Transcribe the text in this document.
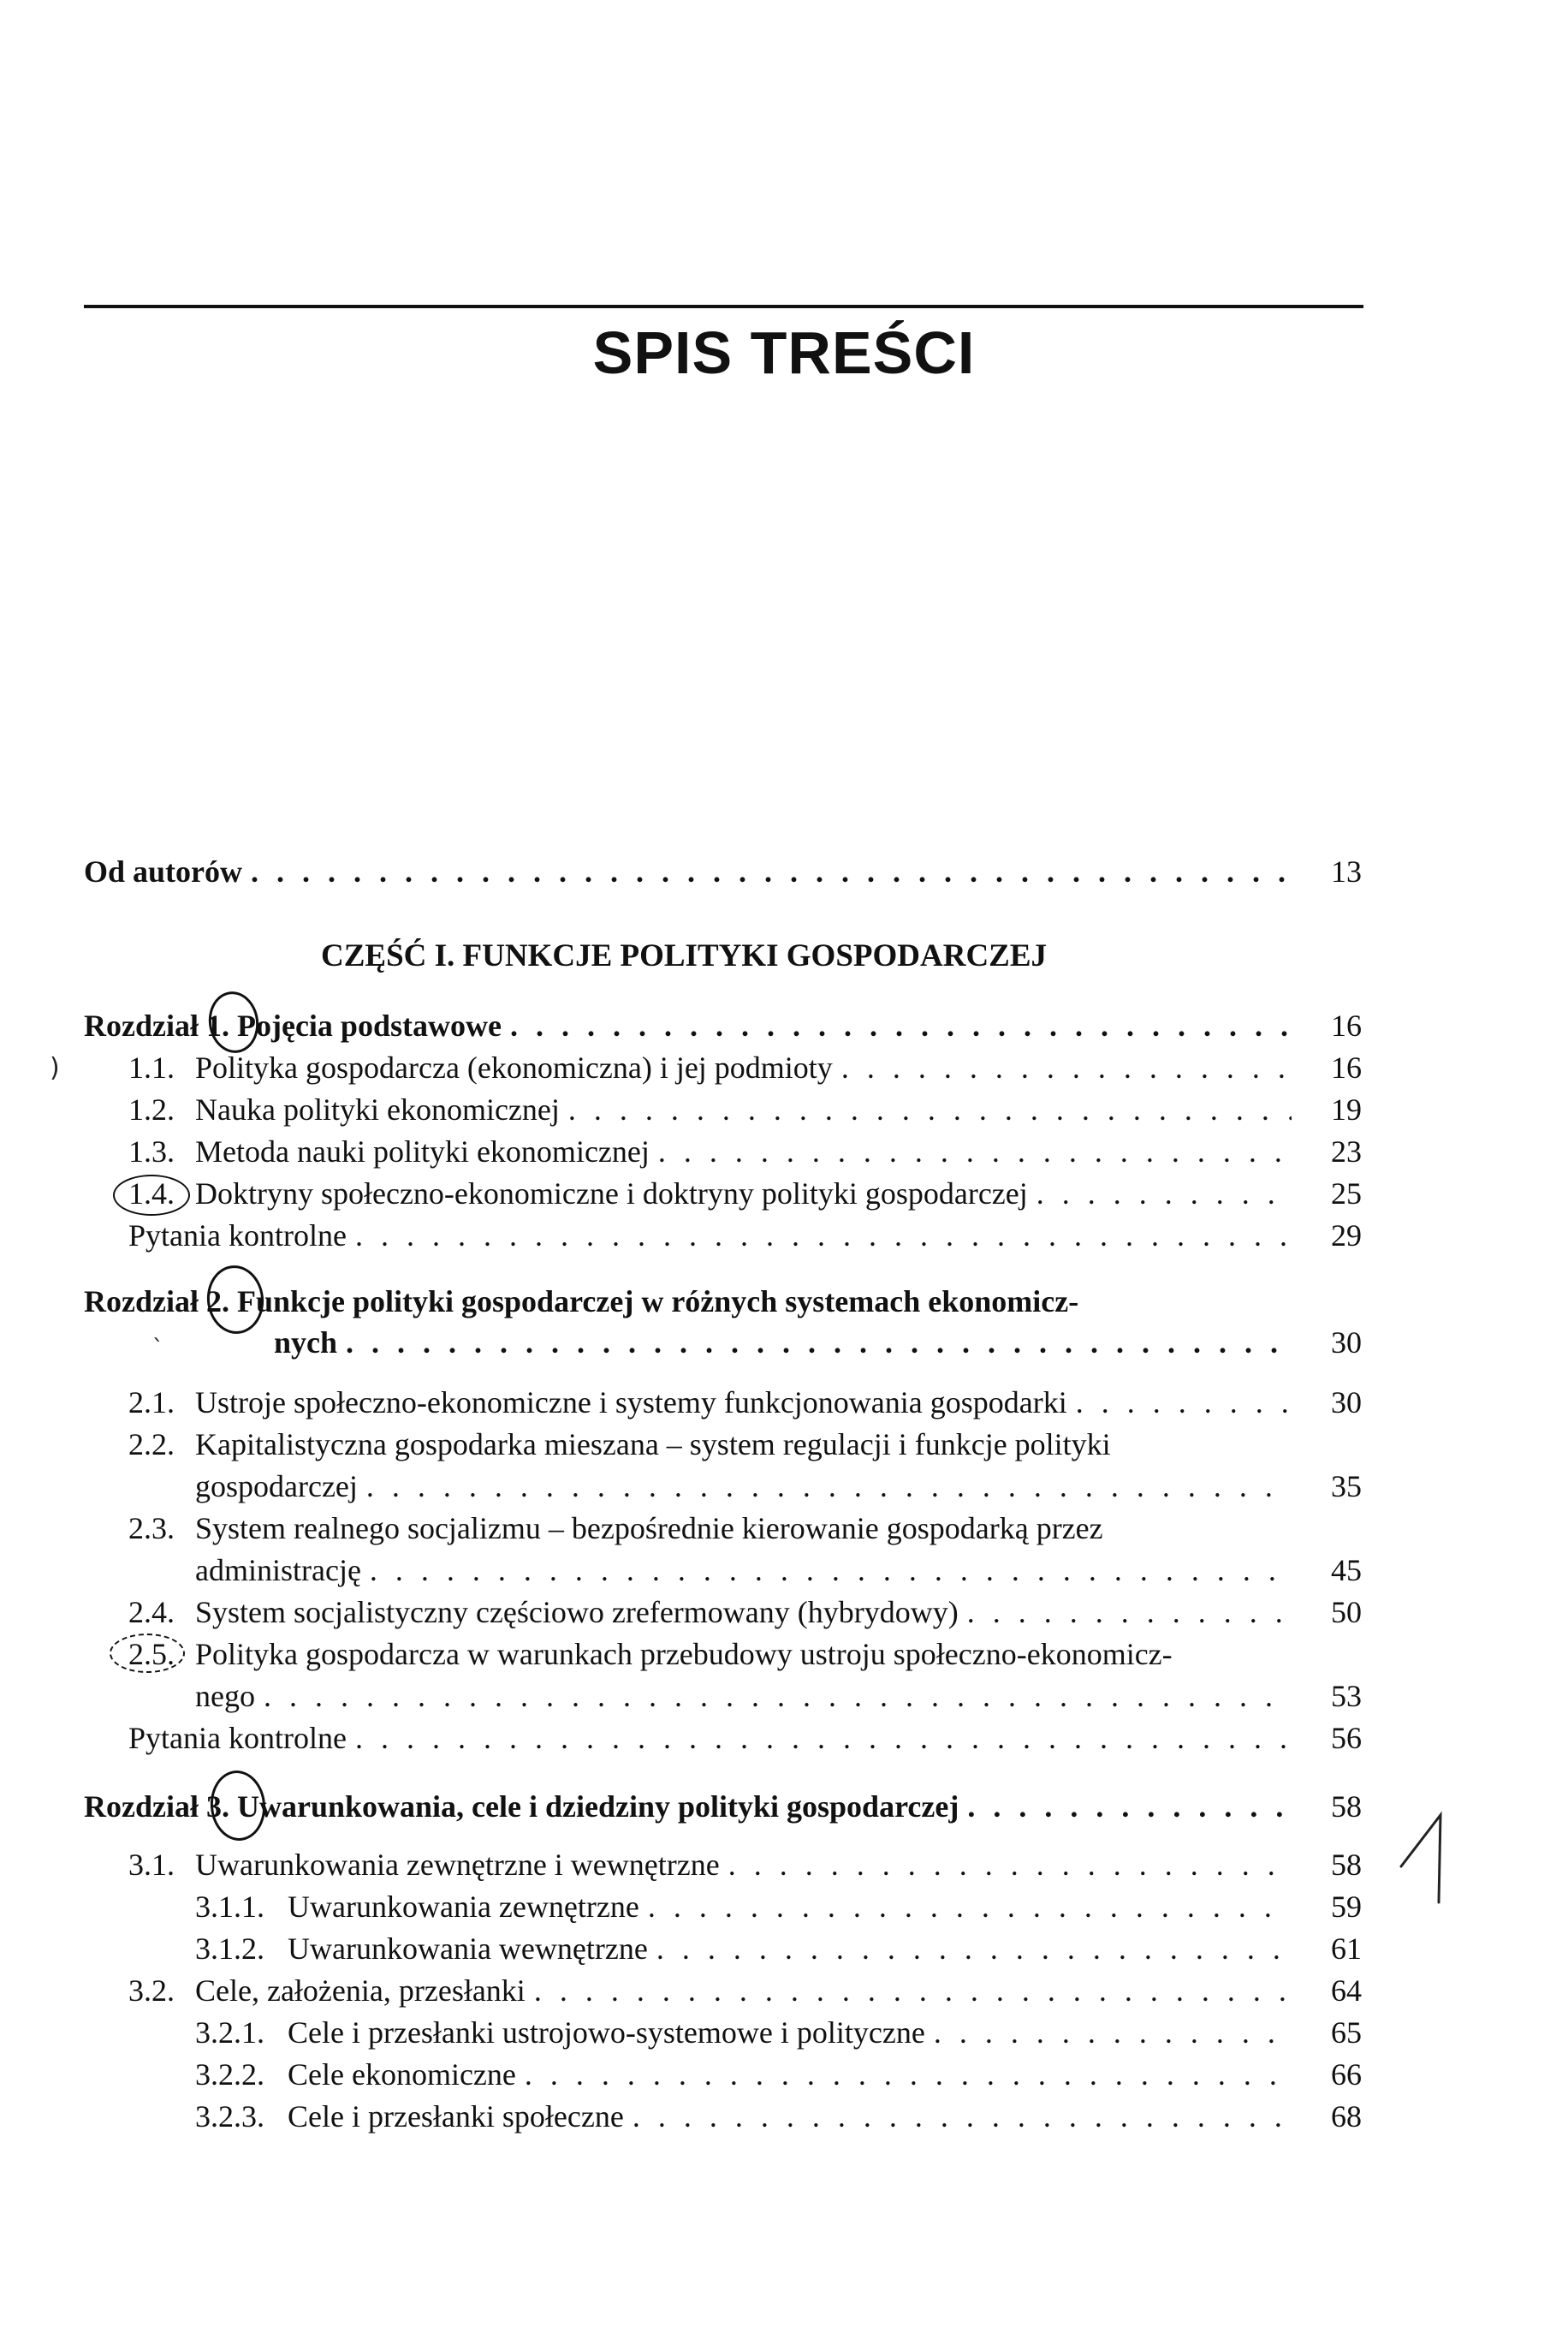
SPIS TREŚCI
Od autorów . . .	13
CZĘŚĆ I. FUNKCJE POLITYKI GOSPODARCZEJ
Rozdział 1. Pojęcia podstawowe . . .	16
1.1. Polityka gospodarcza (ekonomiczna) i jej podmioty . . .	16
1.2. Nauka polityki ekonomicznej . . .	19
1.3. Metoda nauki polityki ekonomicznej . . .	23
1.4. Doktryny społeczno-ekonomiczne i doktryny polityki gospodarczej . . .	25
Pytania kontrolne . . .	29
Rozdział 2. Funkcje polityki gospodarczej w różnych systemach ekonomicz-
nych . . .	30
2.1. Ustroje społeczno-ekonomiczne i systemy funkcjonowania gospodarki . . .	30
2.2. Kapitalistyczna gospodarka mieszana – system regulacji i funkcje polityki
gospodarczej . . .	35
2.3. System realnego socjalizmu – bezpośrednie kierowanie gospodarką przez
administrację . . .	45
2.4. System socjalistyczny częściowo zrefermowany (hybrydowy) . . .	50
2.5. Polityka gospodarcza w warunkach przebudowy ustroju społeczno-ekonomicz-
nego . . .	53
Pytania kontrolne . . .	56
Rozdział 3. Uwarunkowania, cele i dziedziny polityki gospodarczej . . .	58
3.1. Uwarunkowania zewnętrzne i wewnętrzne . . .	58
3.1.1. Uwarunkowania zewnętrzne . . .	59
3.1.2. Uwarunkowania wewnętrzne . . .	61
3.2. Cele, założenia, przesłanki . . .	64
3.2.1. Cele i przesłanki ustrojowo-systemowe i polityczne . . .	65
3.2.2. Cele ekonomiczne . . .	66
3.2.3. Cele i przesłanki społeczne . . .	68
)
`
